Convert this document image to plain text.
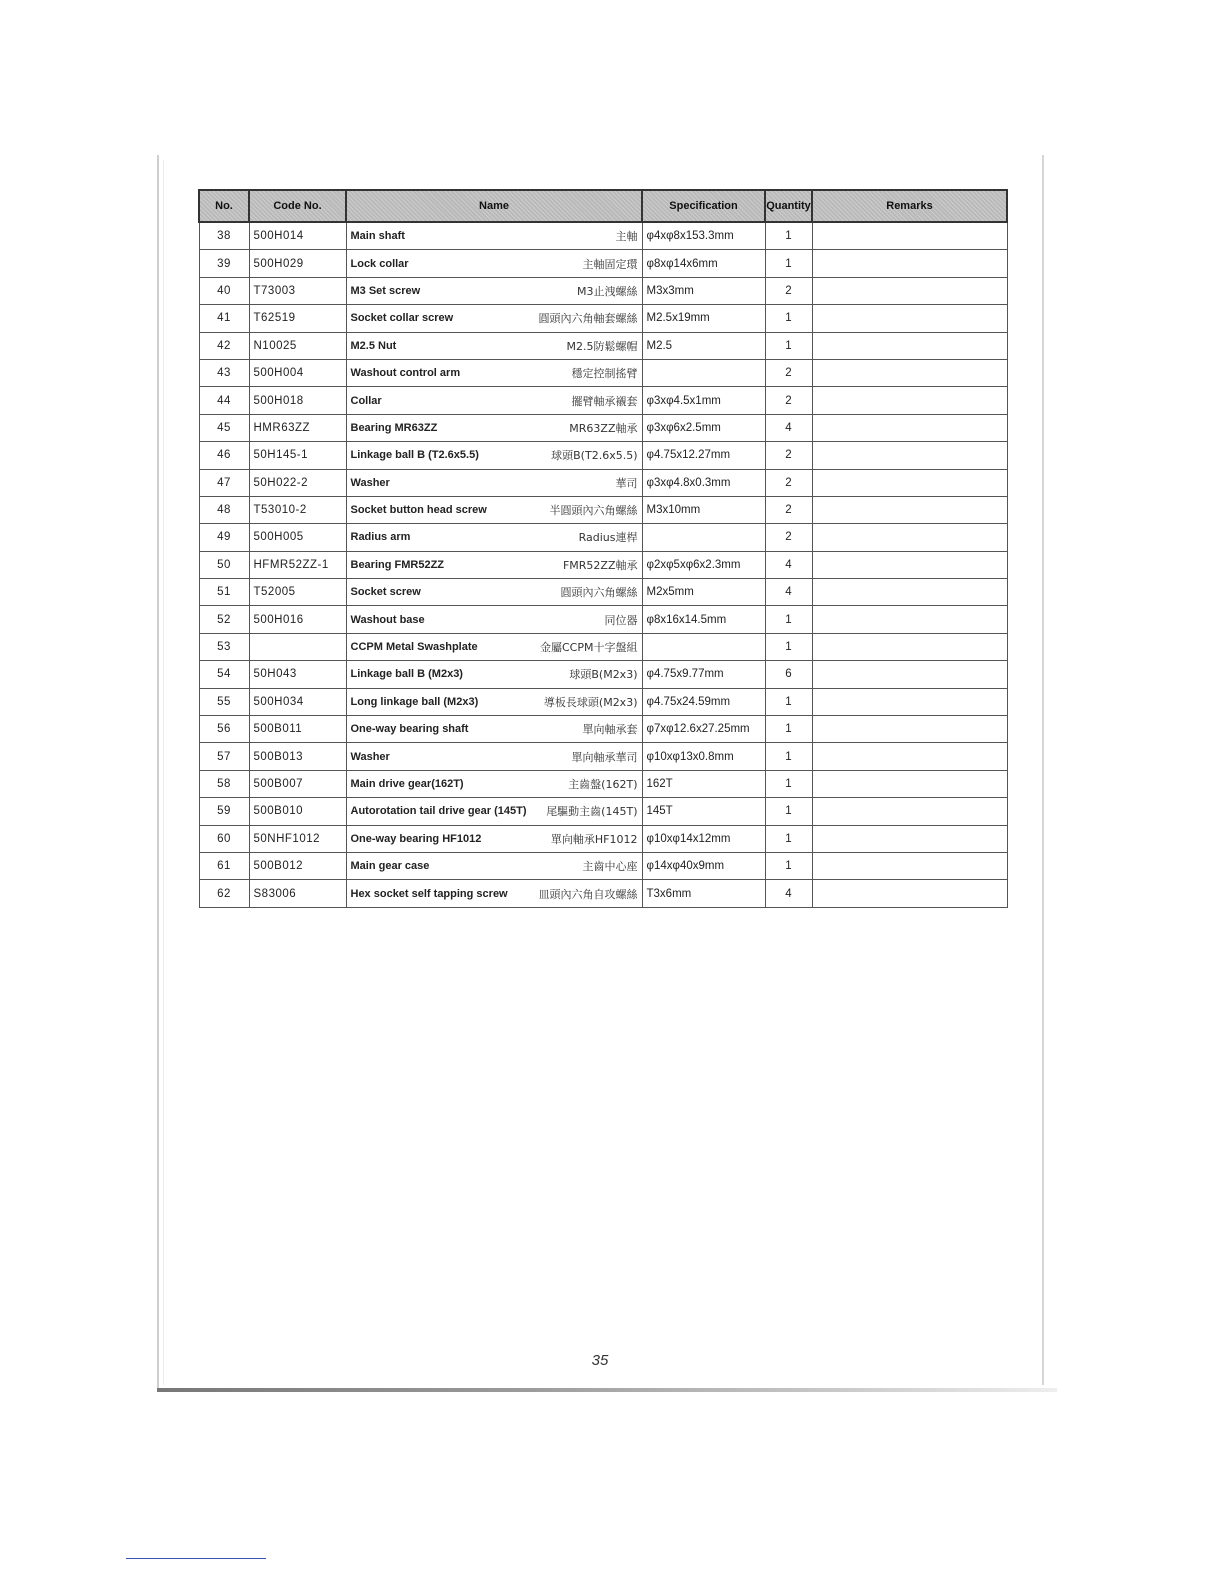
No.	Code No.	Name	Specification	Quantity	Remarks
38	500H014	Main shaft 主軸	φ4xφ8x153.3mm	1	
39	500H029	Lock collar 主軸固定環	φ8xφ14x6mm	1	
40	T73003	M3 Set screw M3止洩螺絲	M3x3mm	2	
41	T62519	Socket collar screw 圓頭內六角軸套螺絲	M2.5x19mm	1	
42	N10025	M2.5 Nut M2.5防鬆螺帽	M2.5	1	
43	500H004	Washout control arm 穩定控制搖臂		2	
44	500H018	Collar 擺臂軸承襯套	φ3xφ4.5x1mm	2	
45	HMR63ZZ	Bearing MR63ZZ MR63ZZ軸承	φ3xφ6x2.5mm	4	
46	50H145-1	Linkage ball B (T2.6x5.5) 球頭B(T2.6x5.5)	φ4.75x12.27mm	2	
47	50H022-2	Washer 華司	φ3xφ4.8x0.3mm	2	
48	T53010-2	Socket button head screw 半圓頭內六角螺絲	M3x10mm	2	
49	500H005	Radius arm Radius連桿		2	
50	HFMR52ZZ-1	Bearing FMR52ZZ FMR52ZZ軸承	φ2xφ5xφ6x2.3mm	4	
51	T52005	Socket screw 圓頭內六角螺絲	M2x5mm	4	
52	500H016	Washout base 同位器	φ8x16x14.5mm	1	
53		CCPM Metal Swashplate 金屬CCPM十字盤組		1	
54	50H043	Linkage ball B (M2x3) 球頭B(M2x3)	φ4.75x9.77mm	6	
55	500H034	Long linkage ball (M2x3) 導板長球頭(M2x3)	φ4.75x24.59mm	1	
56	500B011	One-way bearing shaft 單向軸承套	φ7xφ12.6x27.25mm	1	
57	500B013	Washer 單向軸承華司	φ10xφ13x0.8mm	1	
58	500B007	Main drive gear(162T) 主齒盤(162T)	162T	1	
59	500B010	Autorotation tail drive gear (145T) 尾驅動主齒(145T)	145T	1	
60	50NHF1012	One-way bearing HF1012 單向軸承HF1012	φ10xφ14x12mm	1	
61	500B012	Main gear case 主齒中心座	φ14xφ40x9mm	1	
62	S83006	Hex socket self tapping screw 皿頭內六角自攻螺絲	T3x6mm	4	
35
